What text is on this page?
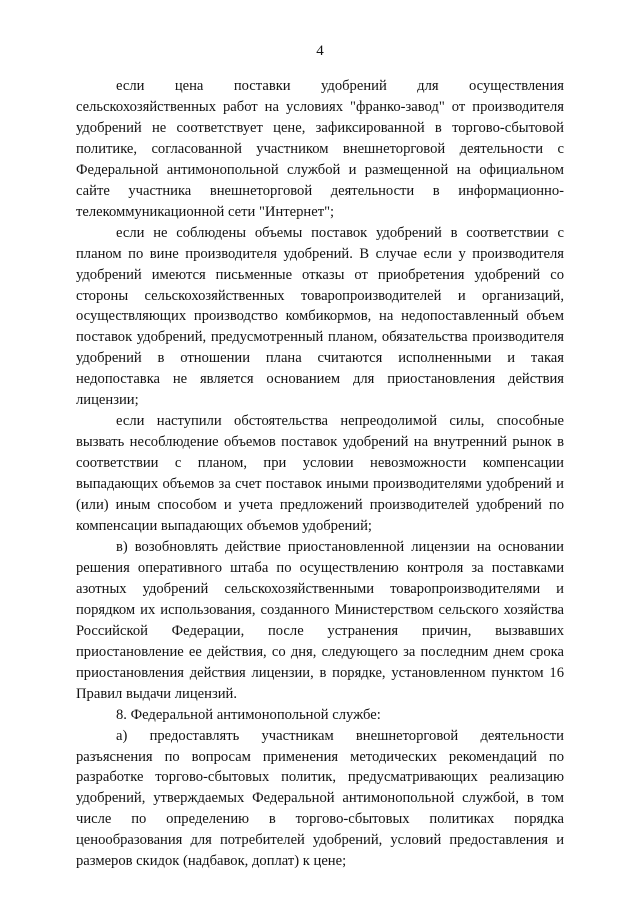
4

если цена поставки удобрений для осуществления сельскохозяйственных работ на условиях "франко-завод" от производителя удобрений не соответствует цене, зафиксированной в торгово-сбытовой политике, согласованной участником внешнеторговой деятельности с Федеральной антимонопольной службой и размещенной на официальном сайте участника внешнеторговой деятельности в информационно-телекоммуникационной сети "Интернет";

если не соблюдены объемы поставок удобрений в соответствии с планом по вине производителя удобрений. В случае если у производителя удобрений имеются письменные отказы от приобретения удобрений со стороны сельскохозяйственных товаропроизводителей и организаций, осуществляющих производство комбикормов, на недопоставленный объем поставок удобрений, предусмотренный планом, обязательства производителя удобрений в отношении плана считаются исполненными и такая недопоставка не является основанием для приостановления действия лицензии;

если наступили обстоятельства непреодолимой силы, способные вызвать несоблюдение объемов поставок удобрений на внутренний рынок в соответствии с планом, при условии невозможности компенсации выпадающих объемов за счет поставок иными производителями удобрений и (или) иным способом и учета предложений производителей удобрений по компенсации выпадающих объемов удобрений;

в) возобновлять действие приостановленной лицензии на основании решения оперативного штаба по осуществлению контроля за поставками азотных удобрений сельскохозяйственными товаропроизводителями и порядком их использования, созданного Министерством сельского хозяйства Российской Федерации, после устранения причин, вызвавших приостановление ее действия, со дня, следующего за последним днем срока приостановления действия лицензии, в порядке, установленном пунктом 16 Правил выдачи лицензий.

8. Федеральной антимонопольной службе:

а) предоставлять участникам внешнеторговой деятельности разъяснения по вопросам применения методических рекомендаций по разработке торгово-сбытовых политик, предусматривающих реализацию удобрений, утверждаемых Федеральной антимонопольной службой, в том числе по определению в торгово-сбытовых политиках порядка ценообразования для потребителей удобрений, условий предоставления и размеров скидок (надбавок, доплат) к цене;
